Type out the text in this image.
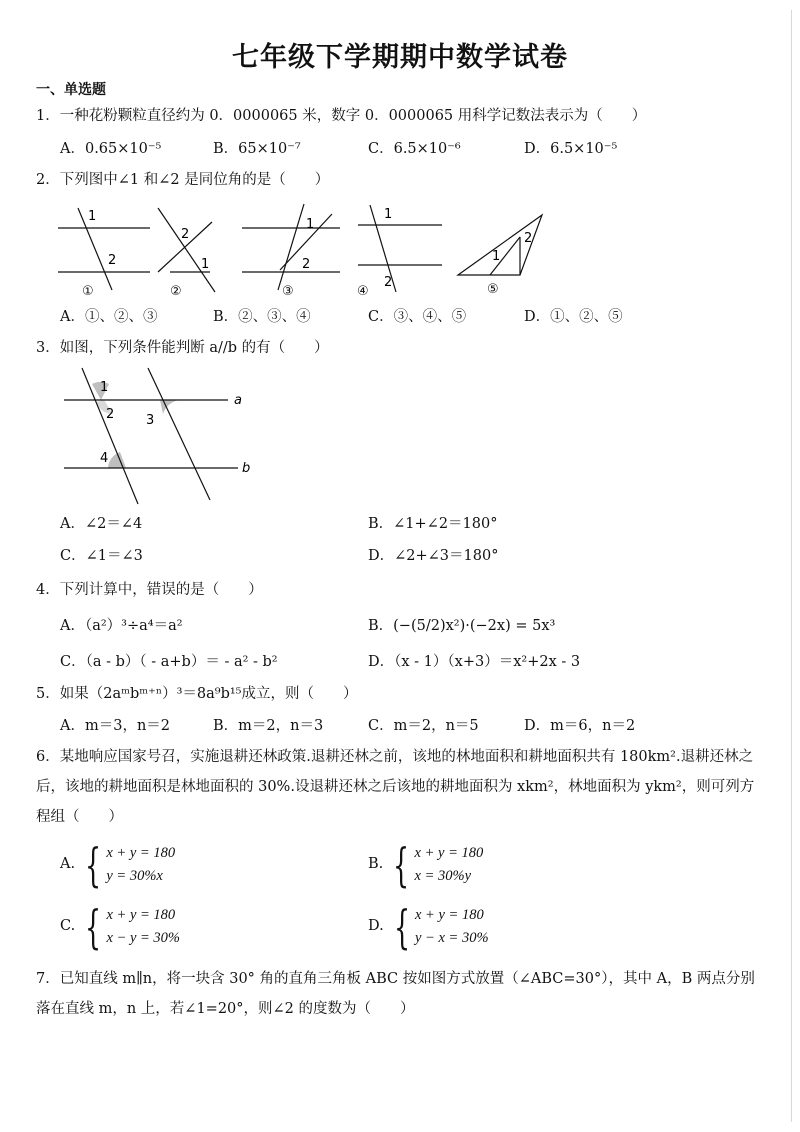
七年级下学期期中数学试卷
一、单选题
1．一种花粉颗粒直径约为 0．0000065 米，数字 0．0000065 用科学记数法表示为（　　）
A．0.65×10⁻⁵	B．65×10⁻⁷	C．6.5×10⁻⁶	D．6.5×10⁻⁵
2．下列图中∠1 和∠2 是同位角的是（　　）
1
2
2
1
1
2
1
2
1
2
①	②	③	④	⑤
A．①、②、③	B．②、③、④	C．③、④、⑤	D．①、②、⑤
3．如图，下列条件能判断 a//b 的有（　　）
1
2 3
4
a
b
A．∠2＝∠4	B．∠1+∠2＝180°
C．∠1＝∠3	D．∠2+∠3＝180°
4．下列计算中，错误的是（　　）
A．（a²）³÷a⁴＝a²	B．(−(5/2)x²)·(−2x) = 5x³
C．（a - b）（ - a+b）＝ - a² - b²	D．（x - 1）（x+3）＝x²+2x - 3
5．如果（2aᵐbᵐ⁺ⁿ）³＝8a⁹b¹⁵成立，则（　　）
A．m＝3，n＝2	B．m＝2，n＝3	C．m＝2，n＝5	D．m＝6，n＝2
6．某地响应国家号召，实施退耕还林政策.退耕还林之前，该地的林地面积和耕地面积共有 180km².退耕还林之后，该地的耕地面积是林地面积的 30%.设退耕还林之后该地的耕地面积为 xkm²，林地面积为 ykm²，则可列方程组（　　）
A. { x + y = 180
y = 30%x
B. { x + y = 180
x = 30%y
C. { x + y = 180
x − y = 30%
D. { x + y = 180
y − x = 30%
7．已知直线 m∥n，将一块含 30° 角的直角三角板 ABC 按如图方式放置（∠ABC=30°），其中 A，B 两点分别落在直线 m，n 上，若∠1=20°，则∠2 的度数为（　　）
